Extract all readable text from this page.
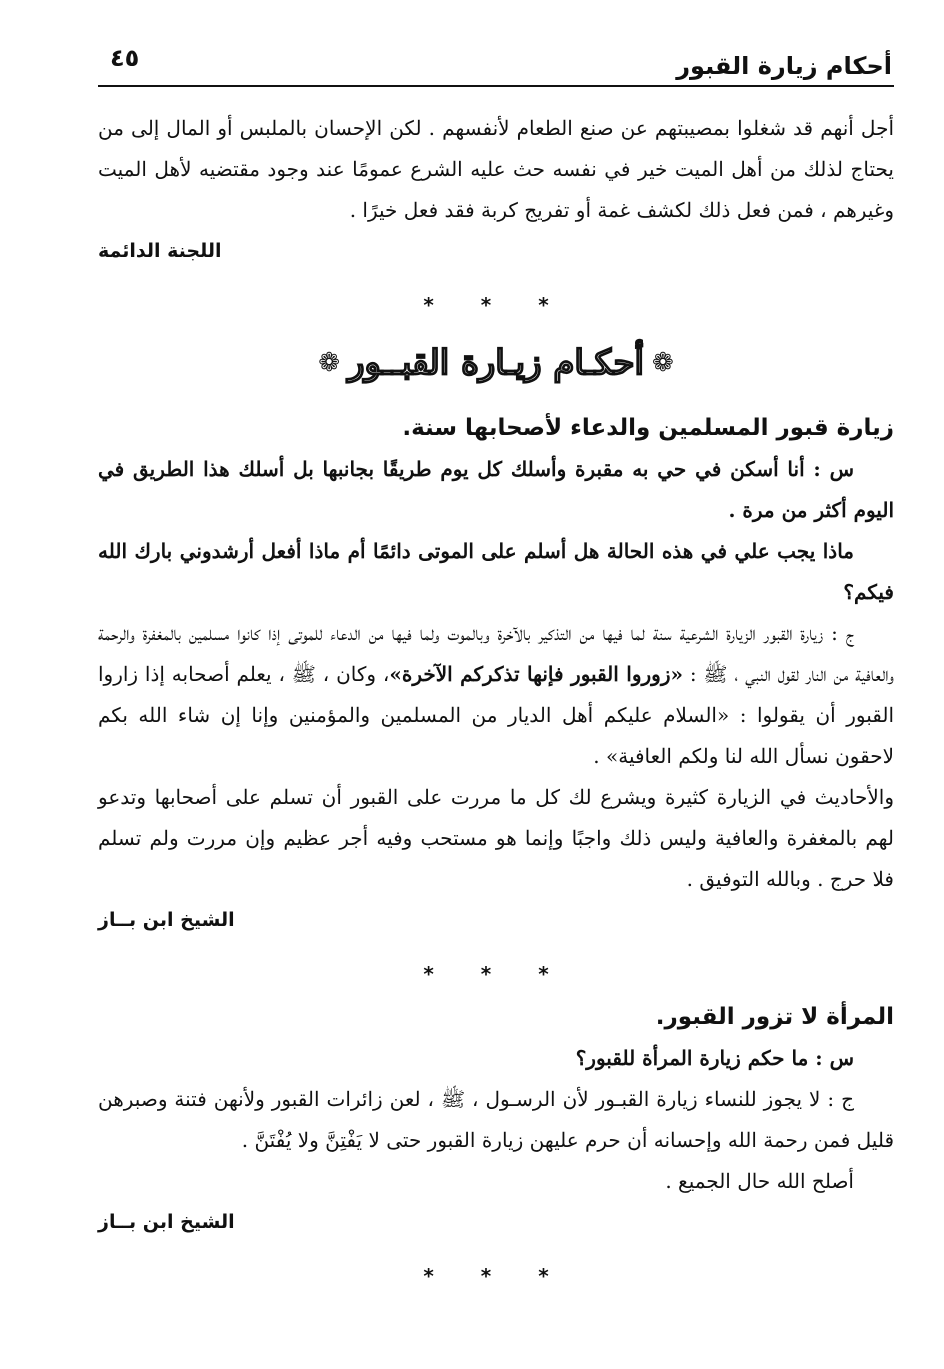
أحكام زيارة القبور
٤٥

أجل أنهم قد شغلوا بمصيبتهم عن صنع الطعام لأنفسهم . لكن الإحسان بالملبس أو المال إلى من يحتاج لذلك من أهل الميت خير في نفسه حث عليه الشرع عمومًا عند وجود مقتضيه لأهل الميت وغيرهم ، فمن فعل ذلك لكشف غمة أو تفريج كربة فقد فعل خيرًا .

اللجنة الدائمة

* * *
❁
أحكـام زيـارة القبــور
❁

زيارة قبور المسلمين والدعاء لأصحابها سنة.

س : أنا أسكن في حي به مقبرة وأسلك كل يوم طريقًا بجانبها بل أسلك هذا الطريق في اليوم أكثر من مرة .

ماذا يجب علي في هذه الحالة هل أسلم على الموتى دائمًا أم ماذا أفعل أرشدوني بارك الله فيكم؟

ج : زيارة القبور الزيارة الشرعية سنة لما فيها من التذكير بالآخرة وبالموت ولما فيها من الدعاء للموتى إذا كانوا مسلمين بالمغفرة والرحمة والعافية من النار لقول النبي ، ﷺ : «زوروا القبور فإنها تذكركم الآخرة»، وكان ، ﷺ ، يعلم أصحابه إذا زاروا القبور أن يقولوا : «السلام عليكم أهل الديار من المسلمين والمؤمنين وإنا إن شاء الله بكم لاحقون نسأل الله لنا ولكم العافية» .

والأحاديث في الزيارة كثيرة ويشرع لك كل ما مررت على القبور أن تسلم على أصحابها وتدعو لهم بالمغفرة والعافية وليس ذلك واجبًا وإنما هو مستحب وفيه أجر عظيم وإن مررت ولم تسلم فلا حرج . وبالله التوفيق .

الشيخ ابن بــاز

* * *

المرأة لا تزور القبور.

س : ما حكم زيارة المرأة للقبور؟

ج : لا يجوز للنساء زيارة القبـور لأن الرسـول ، ﷺ ، لعن زائرات القبور ولأنهن فتنة وصبرهن قليل فمن رحمة الله وإحسانه أن حرم عليهن زيارة القبور حتى لا يَفْتِنَّ ولا يُفْتَنَّ .

أصلح الله حال الجميع .

الشيخ ابن بــاز

* * *
